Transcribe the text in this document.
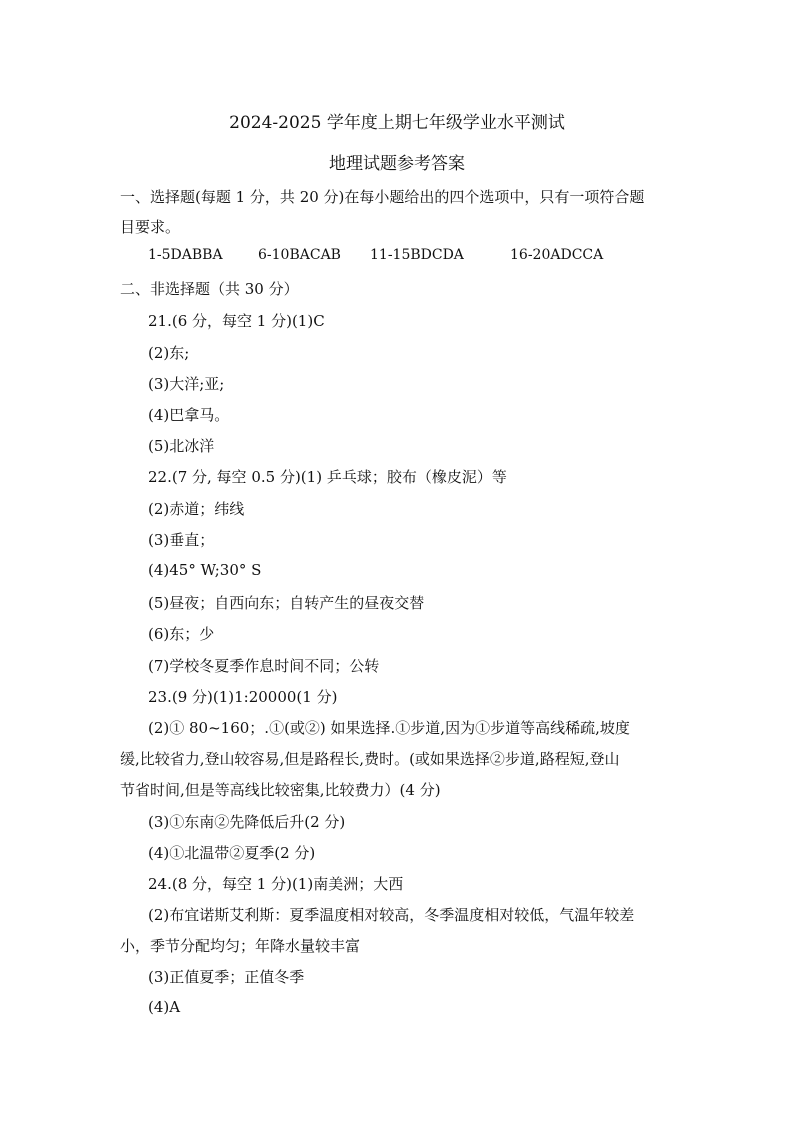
2024-2025 学年度上期七年级学业水平测试
地理试题参考答案
一、选择题(每题 1 分，共 20 分)在每小题给出的四个选项中，只有一项符合题
目要求。
1-5DABBA	6-10BACAB 11-15BDCDA	16-20ADCCA
二、非选择题（共 30 分）
21.(6 分，每空 1 分)(1)C
(2)东;
(3)大洋;亚;
(4)巴拿马。
(5)北冰洋
22.(7 分, 每空 0.5 分)(1) 乒乓球；胶布（橡皮泥）等
(2)赤道；纬线
(3)垂直；
(4)45° W;30° S
(5)昼夜；自西向东；自转产生的昼夜交替
(6)东；少
(7)学校冬夏季作息时间不同；公转
23.(9 分)(1)1:20000(1 分)
(2)① 80~160；.①(或②) 如果选择.①步道,因为①步道等高线稀疏,坡度
缓,比较省力,登山较容易,但是路程长,费时。(或如果选择②步道,路程短,登山
节省时间,但是等高线比较密集,比较费力）(4 分)
(3)①东南②先降低后升(2 分)
(4)①北温带②夏季(2 分)
24.(8 分，每空 1 分)(1)南美洲；大西
(2)布宜诺斯艾利斯：夏季温度相对较高，冬季温度相对较低，气温年较差
小，季节分配均匀；年降水量较丰富
(3)正值夏季；正值冬季
(4)A
